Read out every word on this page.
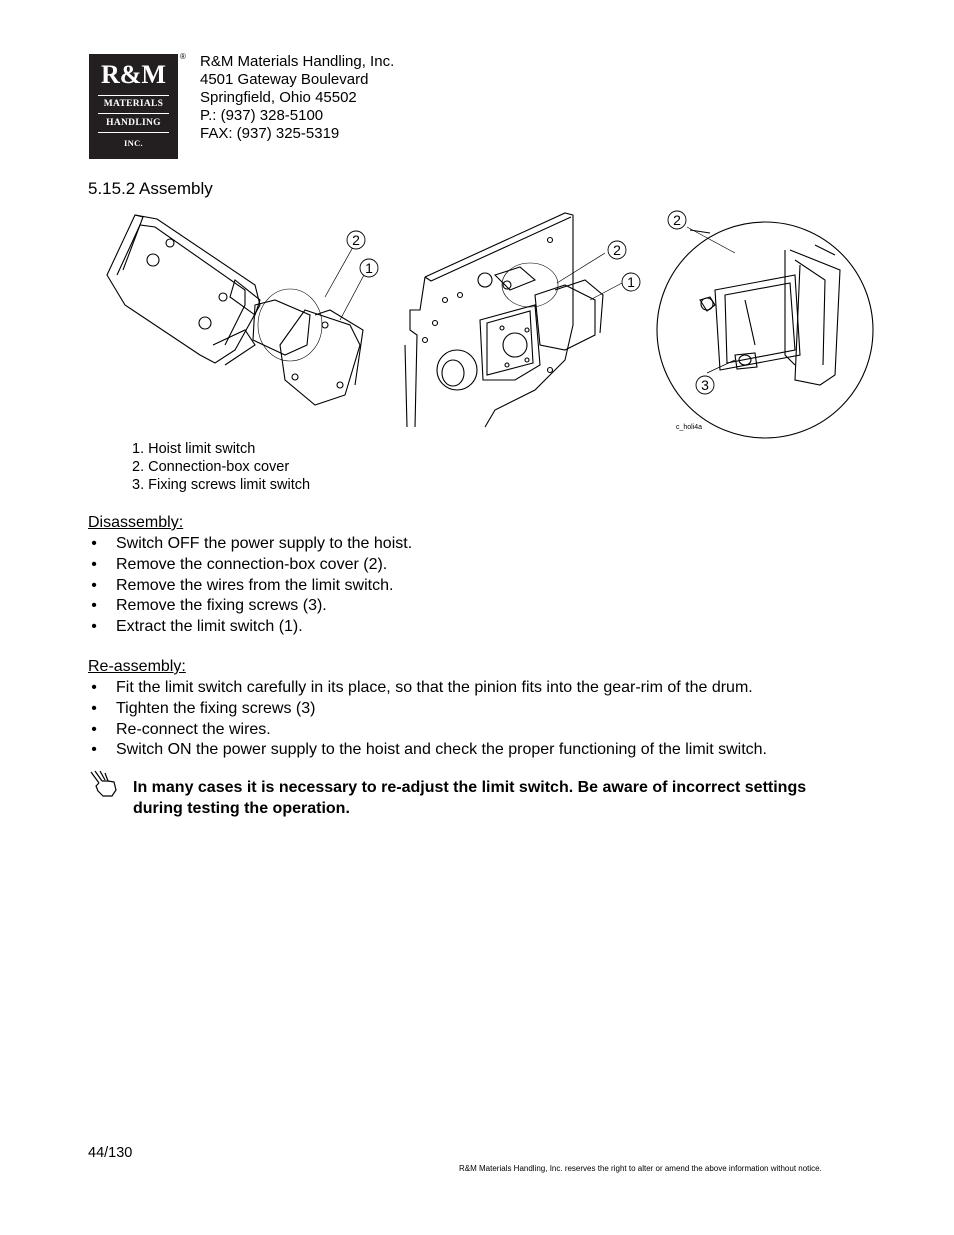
R&M
MATERIALS
HANDLING
INC.
® R&M Materials Handling, Inc.
4501 Gateway Boulevard
Springfield, Ohio 45502
P.: (937) 328-5100
FAX: (937) 325-5319
5.15.2 Assembly
2
1
2
1
2
3
c_holi4a
1. Hoist limit switch
2. Connection-box cover
3. Fixing screws limit switch
Disassembly:
• Switch OFF the power supply to the hoist.
• Remove the connection-box cover (2).
• Remove the wires from the limit switch.
• Remove the fixing screws (3).
• Extract the limit switch (1).
Re-assembly:
• Fit the limit switch carefully in its place, so that the pinion fits into the gear-rim of the drum.
• Tighten the fixing screws (3)
• Re-connect the wires.
• Switch ON the power supply to the hoist and check the proper functioning of the limit switch.
In many cases it is necessary to re-adjust the limit switch. Be aware of incorrect settings
during testing the operation.
44/130
R&M Materials Handling, Inc. reserves the right to alter or amend the above information without notice.
